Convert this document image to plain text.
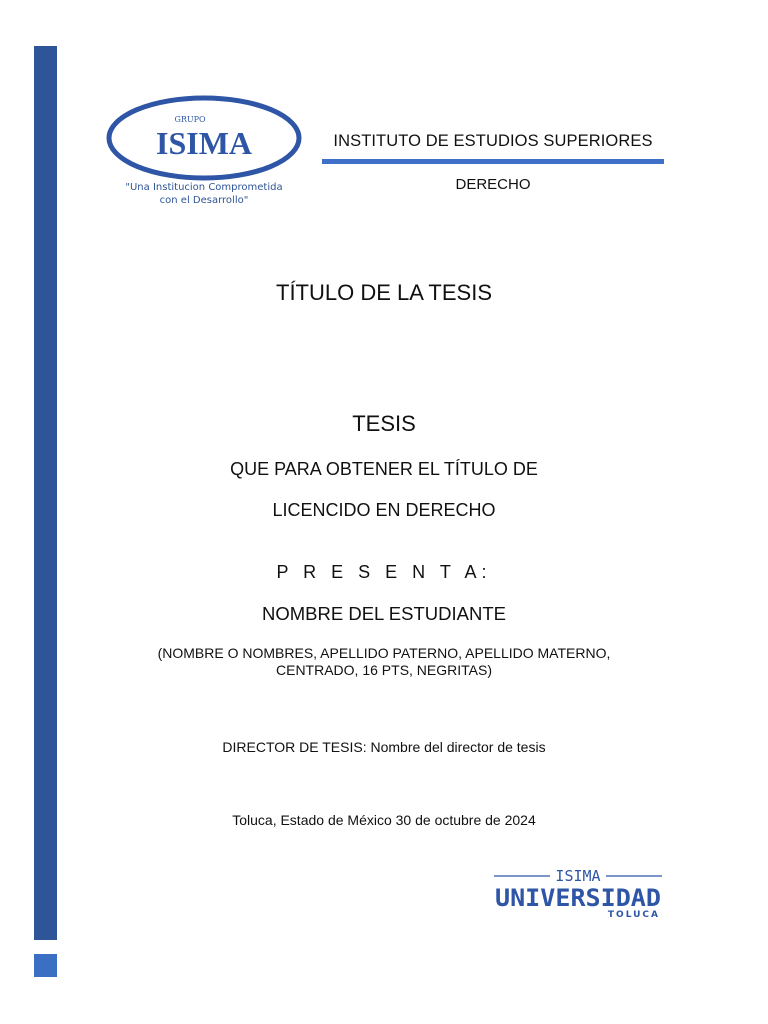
GRUPO
ISIMA
"Una Institucion Comprometida
con el Desarrollo"
INSTITUTO DE ESTUDIOS SUPERIORES
DERECHO
TÍTULO DE LA TESIS
TESIS
QUE PARA OBTENER EL TÍTULO DE
LICENCIDO EN DERECHO
P R E S E N T A:
NOMBRE DEL ESTUDIANTE
(NOMBRE O NOMBRES, APELLIDO PATERNO, APELLIDO MATERNO,
CENTRADO, 16 PTS, NEGRITAS)
DIRECTOR DE TESIS: Nombre del director de tesis
Toluca, Estado de México 30 de octubre de 2024
ISIMA
UNIVERSIDAD
TOLUCA
